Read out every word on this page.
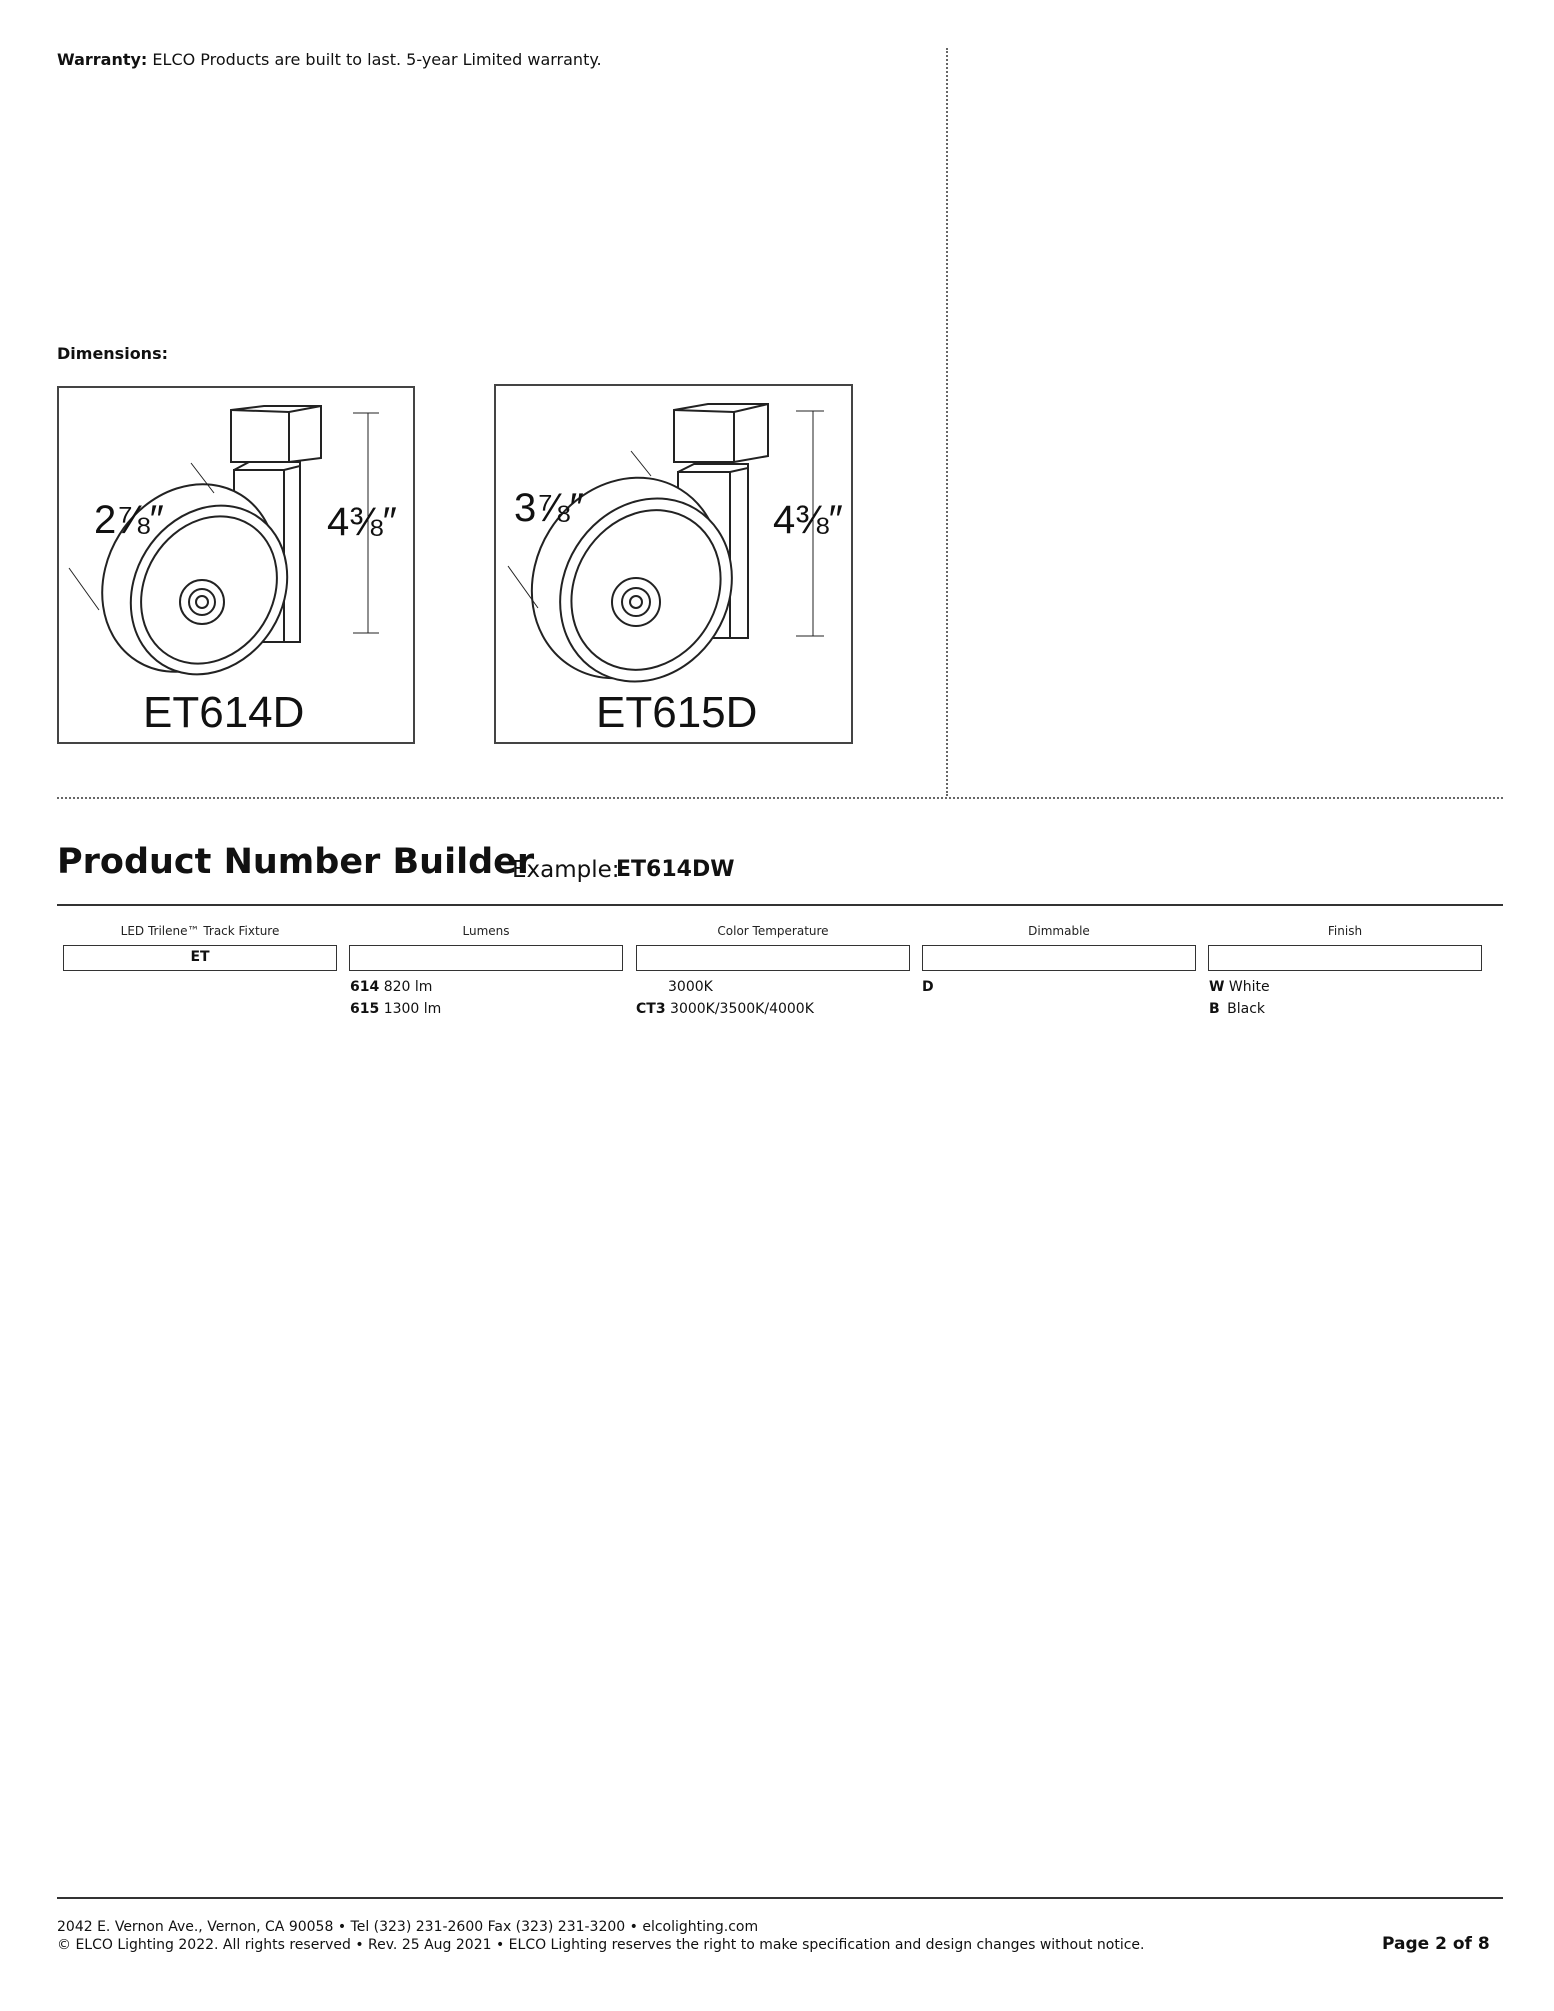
Warranty: ELCO Products are built to last. 5-year Limited warranty.
Dimensions:
2⅞″	4⅜″
ET614D
3⅞″	4⅜″
ET615D
Product Number Builder
Example:
ET614DW
LED Trilene™ Track Fixture
ET
Lumens
614 820 lm
615 1300 lm
Color Temperature
3000K
CT3 3000K/3500K/4000K
Dimmable
D
Finish
W White
B Black
2042 E. Vernon Ave., Vernon, CA 90058 • Tel (323) 231-2600 Fax (323) 231-3200 • elcolighting.com
© ELCO Lighting 2022. All rights reserved • Rev. 25 Aug 2021 • ELCO Lighting reserves the right to make specification and design changes without notice.	Page 2 of 8
